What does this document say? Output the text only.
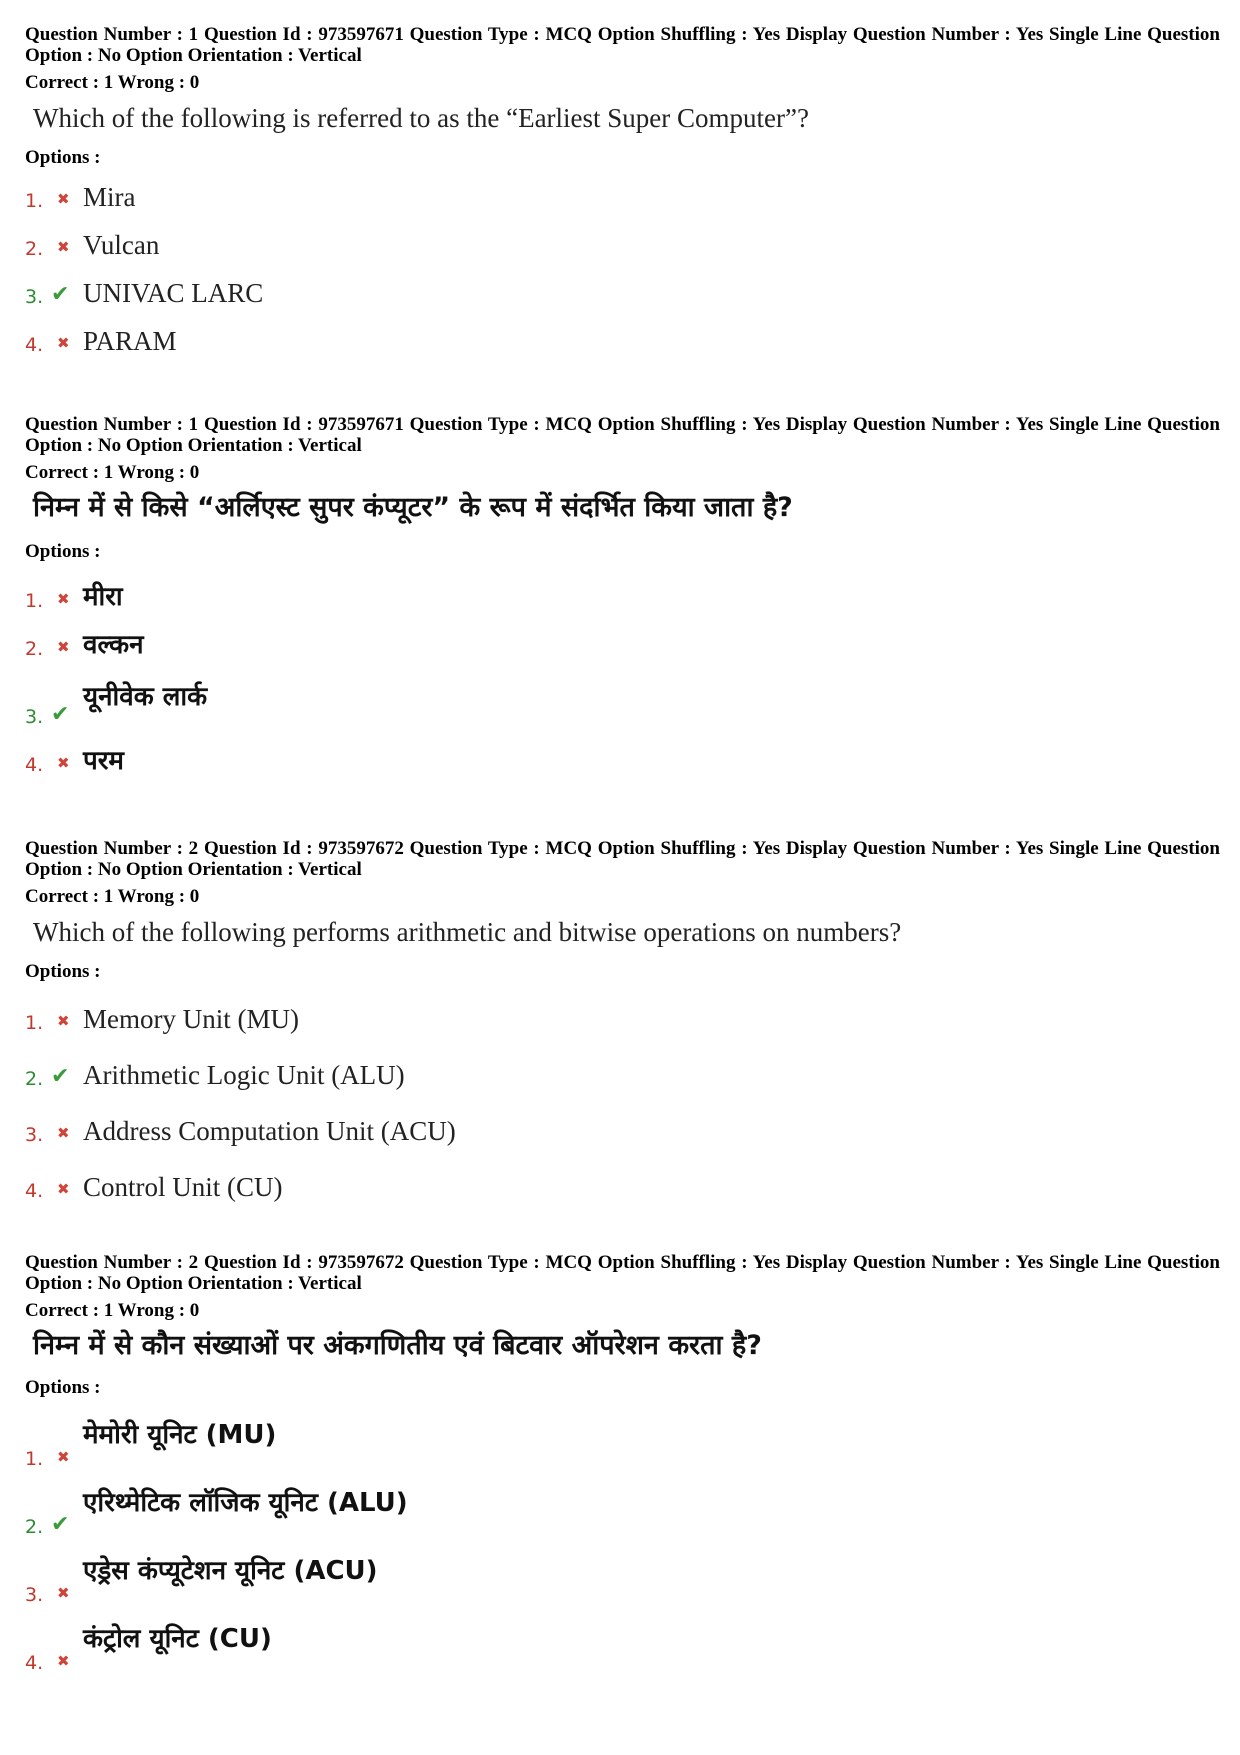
Question Number : 1 Question Id : 973597671 Question Type : MCQ Option Shuffling : Yes Display Question Number : Yes Single Line Question Option : No Option Orientation : Vertical

Correct : 1 Wrong : 0
Which of the following is referred to as the “Earliest Super Computer”?
Options :
1. ✖ Mira
2. ✖ Vulcan
3. ✔ UNIVAC LARC
4. ✖ PARAM

Question Number : 1 Question Id : 973597671 Question Type : MCQ Option Shuffling : Yes Display Question Number : Yes Single Line Question Option : No Option Orientation : Vertical

Correct : 1 Wrong : 0
निम्न में से किसे “अर्लिएस्ट सुपर कंप्यूटर” के रूप में संदर्भित किया जाता है?
Options :
1. ✖ मीरा
2. ✖ वल्कन
3. ✔
यूनीवेक लार्क
4. ✖ परम

Question Number : 2 Question Id : 973597672 Question Type : MCQ Option Shuffling : Yes Display Question Number : Yes Single Line Question Option : No Option Orientation : Vertical

Correct : 1 Wrong : 0
Which of the following performs arithmetic and bitwise operations on numbers?
Options :
1. ✖ Memory Unit (MU)
2. ✔ Arithmetic Logic Unit (ALU)
3. ✖ Address Computation Unit (ACU)
4. ✖ Control Unit (CU)

Question Number : 2 Question Id : 973597672 Question Type : MCQ Option Shuffling : Yes Display Question Number : Yes Single Line Question Option : No Option Orientation : Vertical

Correct : 1 Wrong : 0
निम्न में से कौन संख्याओं पर अंकगणितीय एवं बिटवार ऑपरेशन करता है?
Options :
1. ✖
मेमोरी यूनिट (MU)
2. ✔
एरिथ्मेटिक लॉजिक यूनिट (ALU)
3. ✖
एड्रेस कंप्यूटेशन यूनिट (ACU)
4. ✖
कंट्रोल यूनिट (CU)
